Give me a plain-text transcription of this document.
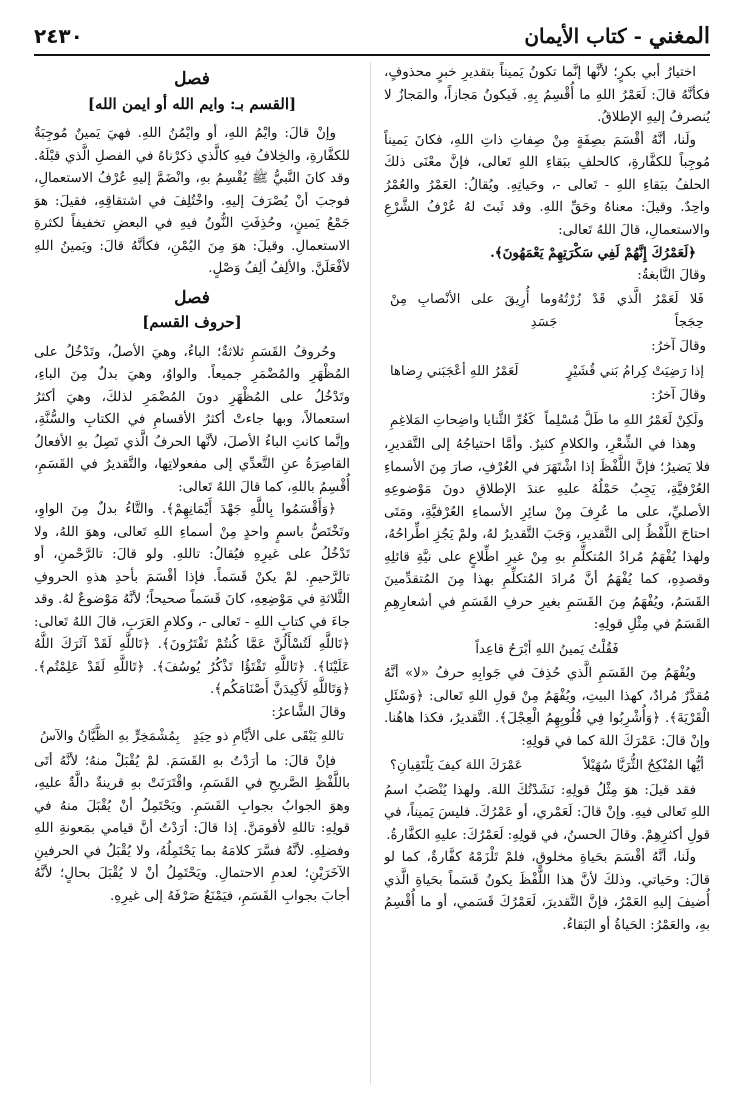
المغني - كتاب الأيمان
٢٤٣٠

اختيارُ أبي بكرٍ؛ لأنَّها إنَّما تكونُ يَميناً بتقديرِ خبرٍ محذوفٍ، فكأنَّهُ قالَ: لَعَمْرُ اللهِ ما أُقْسِمُ بِهِ. فَيكونُ مَجازاً، والمَجازُ لا يُنصرفُ إليهِ الإطلاقُ.

ولَنا، أنَّهُ أقْسَمَ بصِفَةٍ مِنْ صِفاتِ ذاتِ اللهِ، فكانَ يَميناً مُوجِباً للكفَّارةِ، كالحلفِ ببَقاءِ اللهِ تَعالى، فإنَّ معْنَى ذلكَ الحلفُ ببَقاءِ اللهِ - تَعالى -، وحَياتِهِ. ويُقالُ: العَمْرُ والعُمْرُ واحِدٌ. وقيلَ: معناهُ وحَقِّ اللهِ. وقد ثَبتَ لهُ عُرْفُ الشَّرْعِ والاستعمالِ، قالَ اللهُ تَعالى:

﴿لَعَمْرُكَ إِنَّهُمْ لَفِي سَكْرَتِهِمْ يَعْمَهُونَ﴾.

وقالَ النَّابغةُ:

فَلا لَعَمْرُ الَّذي قَدْ زُرْتُهُ حِجَجاً
وما أُرِيقَ على الأنْصابِ مِنْ جَسَدِ

وقالَ آخرُ:

إذا رَضِيَتْ كِرامُ بَني قُشَيْرٍ
لَعَمْرُ اللهِ أعْجَبَني رِضاها

وقالَ آخرُ:

ولَكِنْ لَعَمْرُ اللهِ ما طَلَّ مُسْلِماً
كَغُرِّ الثَّنايا واضِحاتِ المَلاغِمِ

وهذا في الشِّعْرِ، والكلامِ كثيرٌ. وأمَّا احتياجُهُ إلى التَّقديرِ، فلا يَضيرُ؛ فإنَّ اللَّفْظَ إذا اشْتَهَرَ في العُرْفِ، صارَ مِنَ الأسماءِ العُرْفيَّةِ، يَجِبُ حَمْلُهُ عليهِ عندَ الإطلاقِ دونَ مَوْضوعِهِ الأصليِّ، على ما عُرِفَ مِنْ سائِرِ الأسماءِ العُرْفيَّةِ، ومَتَى احتاجَ اللَّفْظُ إلى التَّقديرِ، وَجَبَ التَّقديرُ لهُ، ولمْ يَجُزِ اطِّراحُهُ، ولهذا يُفْهَمُ مُرادُ المُتكلِّمِ بهِ مِنْ غيرِ اطِّلاعٍ على نيَّةِ قائلِهِ وقصدِهِ، كما يُفْهَمُ أنَّ مُرادَ المُتكلِّمِ بهذا مِنَ المُتقدِّمينَ القَسَمُ، ويُفْهَمُ مِنَ القَسَمِ بغيرِ حرفِ القَسَمِ في أشعارِهِمِ القَسَمُ في مِثْلِ قولِهِ:

فَقُلْتُ يَمينُ اللهِ أبْرَحُ قاعِداً

ويُفْهَمُ مِنَ القَسَمِ الَّذي حُذِفَ في جَوابِهِ حرفُ «لا» أنَّهُ مُقدَّرٌ مُرادٌ، كهذا البيتِ، ويُفْهَمُ مِنْ قولِ اللهِ تَعالى: ﴿وَسْئَلِ الْقَرْيَةَ﴾. ﴿وَأُشْرِبُوا فِي قُلُوبِهِمُ الْعِجْلَ﴾. التَّقديرُ، فكذا هاهُنا. وإنْ قالَ: عَمْرَكَ اللهَ كما في قولِهِ:

أيُّها المُنْكِحُ الثُّرَيَّا سُهَيْلاً
عَمْرَكَ اللهَ كيفَ يَلْتَقِيانِ؟

فقد قيلَ: هوَ مِثْلُ قولِهِ: نَشَدْتُكَ اللهَ. ولهذا يُنْصَبُ اسمُ اللهِ تَعالى فيهِ. وإنْ قالَ: لَعَمْري، أو عَمْرُكَ. فليسَ يَميناً، في قولِ أكثرِهِمْ. وقالَ الحسنُ، في قولِهِ: لَعَمْرُكَ: عليهِ الكفَّارةُ.

ولَنا، أنَّهُ أقْسَمَ بحَياةِ مخلوقٍ، فلمْ تَلْزَمْهُ كفَّارةٌ، كما لو قالَ: وحَياتي. وذلكَ لأنَّ هذا اللَّفْظَ يكونُ قَسَماً بحَياةِ الَّذي أُضيفَ إليهِ العَمْرُ، فإنَّ التَّقديرَ، لَعَمْرُكَ قَسَمي، أو ما أُقْسِمُ بهِ، والعَمْرُ: الحَياةُ أو البَقاءُ.

فصل
[القسم بـ: وايم الله أو ايمن الله]

وإنْ قالَ: وايْمُ اللهِ، أو وايْمُنُ اللهِ. فهيَ يَمينٌ مُوجِبَةٌ للكفَّارةِ، والخِلافُ فيهِ كالَّذي ذكرْناهُ في الفصلِ الَّذي قبْلَهُ. وقد كانَ النَّبيُّ ﷺ يُقْسِمُ بهِ، وانْضَمَّ إليهِ عُرْفُ الاستعمالِ، فوجبَ أنْ يُصْرَفَ إليهِ. واخْتُلِفَ في اشتقاقِهِ، فقيلَ: هوَ جَمْعُ يَمينٍ، وحُذِفَتِ النُّونُ فيهِ في البعضِ تخفيفاً لكثرةِ الاستعمالِ. وقيلَ: هوَ مِنَ اليُمْنِ، فكأنَّهُ قالَ: ويَمينُ اللهِ لأفْعَلَنَّ. والألِفُ ألِفُ وَصْلٍ.

فصل
[حروف القسم]

وحُروفُ القَسَمِ ثلاثةٌ؛ الباءُ، وهيَ الأصلُ، وتَدْخُلُ على المُظْهَرِ والمُضْمَرِ جميعاً. والواوُ، وهيَ بدلٌ مِنَ الباءِ، وتَدْخُلُ على المُظْهَرِ دونَ المُضْمَرِ لذلكَ، وهيَ أكثرُ استعمالاً، وبها جاءتْ أكثرُ الأقسامِ في الكتابِ والسُّنَّةِ، وإنَّما كانتِ الباءُ الأصلَ، لأنَّها الحرفُ الَّذي تَصِلُ بهِ الأفعالُ القاصِرَةُ عنِ التَّعدِّي إلى مفعولاتِها، والتَّقديرُ في القَسَمِ، أُقْسِمُ باللهِ، كما قالَ اللهُ تَعالى:

﴿وَأَقْسَمُوا بِاللَّهِ جَهْدَ أَيْمَانِهِمْ﴾. والتَّاءُ بدلٌ مِنَ الواوِ، وتَخْتَصُّ باسمٍ واحدٍ مِنْ أسماءِ اللهِ تَعالى، وهوَ اللهُ، ولا تَدْخُلُ على غيرِهِ فيُقالُ: تاللهِ. ولو قالَ: تالرَّحْمنِ، أو تالرَّحيمِ. لمْ يكنْ قَسَماً. فإذا أقْسَمَ بأحدِ هذهِ الحروفِ الثَّلاثةِ في مَوْضِعِهِ، كانَ قَسَماً صحيحاً؛ لأنَّهُ مَوْضوعٌ لهُ. وقد جاءَ في كتابِ اللهِ - تَعالى -، وكلامِ العَرَبِ، قالَ اللهُ تَعالى: ﴿تَاللَّهِ لَتُسْأَلُنَّ عَمَّا كُنتُمْ تَفْتَرُونَ﴾. ﴿تَاللَّهِ لَقَدْ آثَرَكَ اللَّهُ عَلَيْنَا﴾. ﴿تَاللَّهِ تَفْتَؤُا تَذْكُرُ يُوسُفَ﴾. ﴿تَاللَّهِ لَقَدْ عَلِمْتُم﴾. ﴿وَتَاللَّهِ لَأَكِيدَنَّ أَصْنَامَكُم﴾.

وقالَ الشَّاعرُ:

تاللهِ يَبْقَى على الأيَّامِ ذو حِيَدٍ
بِمُشْمَخِرٍّ بهِ الظَّيَّانُ والآسُ

فإنْ قالَ: ما أرَدْتُ بهِ القَسَمَ. لمْ يُقْبَلْ منهُ؛ لأنَّهُ أتَى باللَّفْظِ الصَّريحِ في القَسَمِ، واقْتَرَنَتْ بهِ قرينةٌ دالَّةٌ عليهِ، وهوَ الجوابُ بجوابِ القَسَمِ. ويَحْتَمِلُ أنْ يُقْبَلَ منهُ في قولِهِ: تاللهِ لأقومَنَّ. إذا قالَ: أرَدْتُ أنَّ قيامي بمَعونةِ اللهِ وفضلِهِ. لأنَّهُ فسَّرَ كلامَهُ بما يَحْتَمِلُهُ، ولا يُقْبَلُ في الحرفينِ الآخَرَيْنِ؛ لعدمِ الاحتمالِ. ويَحْتَمِلُ أنْ لا يُقْبَلَ بحالٍ؛ لأنَّهُ أجابَ بجوابِ القَسَمِ، فيَمْنَعُ صَرْفَهُ إلى غيرِهِ.
